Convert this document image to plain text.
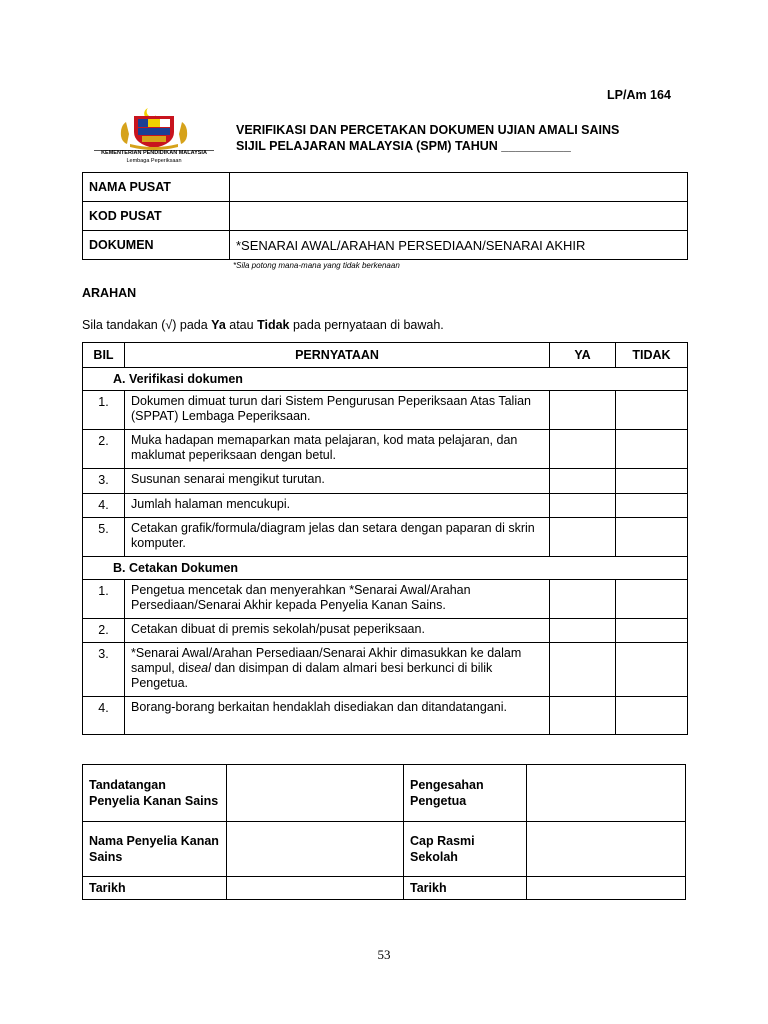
LP/Am 164
KEMENTERIAN PENDIDIKAN MALAYSIA
Lembaga Peperiksaan
VERIFIKASI DAN PERCETAKAN DOKUMEN UJIAN AMALI SAINS
SIJIL PELAJARAN MALAYSIA (SPM) TAHUN __________
NAMA PUSAT	
KOD PUSAT	
DOKUMEN	*SENARAI AWAL/ARAHAN PERSEDIAAN/SENARAI AKHIR
*Sila potong mana-mana yang tidak berkenaan
ARAHAN
Sila tandakan (√) pada Ya atau Tidak pada pernyataan di bawah.
BIL	PERNYATAAN	YA	TIDAK
A. Verifikasi dokumen			
1.	Dokumen dimuat turun dari Sistem Pengurusan Peperiksaan Atas Talian (SPPAT) Lembaga Peperiksaan.		
2.	Muka hadapan memaparkan mata pelajaran, kod mata pelajaran, dan maklumat peperiksaan dengan betul.		
3.	Susunan senarai mengikut turutan.		
4.	Jumlah halaman mencukupi.		
5.	Cetakan grafik/formula/diagram jelas dan setara dengan paparan di skrin komputer.		
B. Cetakan Dokumen			
1.	Pengetua mencetak dan menyerahkan *Senarai Awal/Arahan Persediaan/Senarai Akhir kepada Penyelia Kanan Sains.		
2.	Cetakan dibuat di premis sekolah/pusat peperiksaan.		
3.	*Senarai Awal/Arahan Persediaan/Senarai Akhir dimasukkan ke dalam sampul, diseal dan disimpan di dalam almari besi berkunci di bilik Pengetua.		
4.	Borang-borang berkaitan hendaklah disediakan dan ditandatangani.		
Tandatangan Penyelia Kanan Sains		Pengesahan Pengetua	
Nama Penyelia Kanan Sains		Cap Rasmi Sekolah	
Tarikh		Tarikh	
53
